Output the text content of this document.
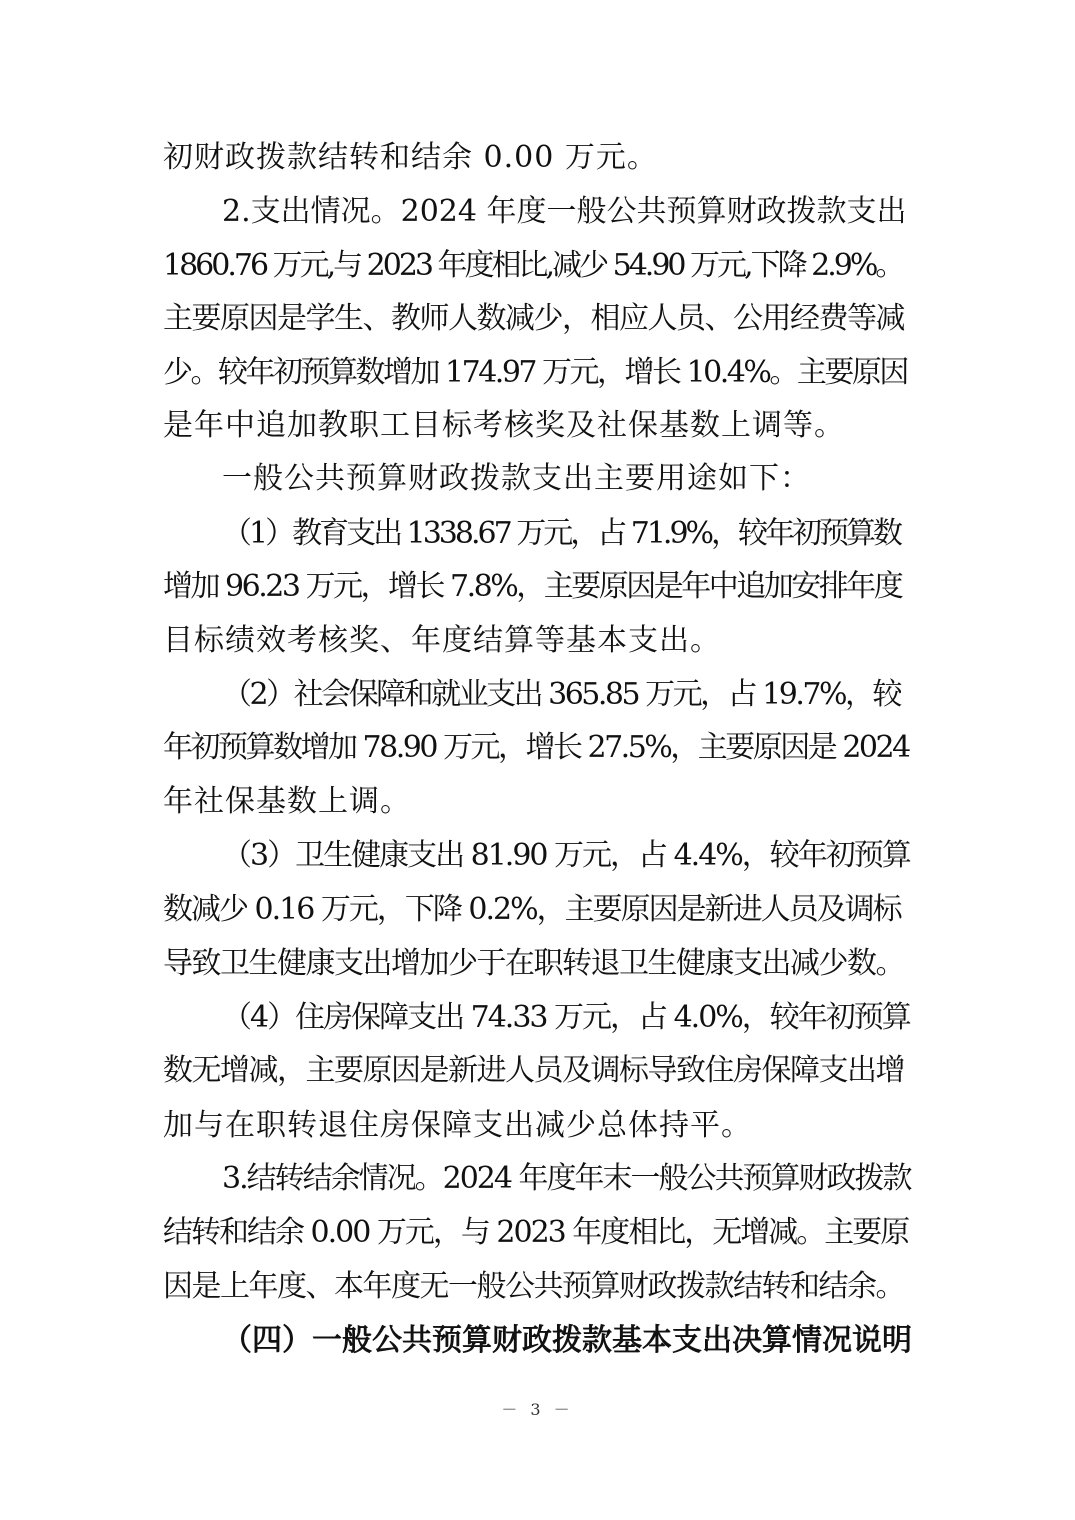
初财政拨款结转和结余 0.00 万元。
2.支出情况。2024 年度一般公共预算财政拨款支出
1860.76 万元,与 2023 年度相比,减少 54.90 万元,下降 2.9%。
主要原因是学生、教师人数减少，相应人员、公用经费等减
少。较年初预算数增加 174.97 万元，增长 10.4%。主要原因
是年中追加教职工目标考核奖及社保基数上调等。
一般公共预算财政拨款支出主要用途如下：
（1）教育支出 1338.67 万元，占 71.9%，较年初预算数
增加 96.23 万元，增长 7.8%，主要原因是年中追加安排年度
目标绩效考核奖、年度结算等基本支出。
（2）社会保障和就业支出 365.85 万元，占 19.7%，较
年初预算数增加 78.90 万元，增长 27.5%，主要原因是 2024
年社保基数上调。
（3）卫生健康支出 81.90 万元，占 4.4%，较年初预算
数减少 0.16 万元，下降 0.2%，主要原因是新进人员及调标
导致卫生健康支出增加少于在职转退卫生健康支出减少数。
（4）住房保障支出 74.33 万元，占 4.0%，较年初预算
数无增减，主要原因是新进人员及调标导致住房保障支出增
加与在职转退住房保障支出减少总体持平。
3.结转结余情况。2024 年度年末一般公共预算财政拨款
结转和结余 0.00 万元，与 2023 年度相比，无增减。主要原
因是上年度、本年度无一般公共预算财政拨款结转和结余。
（四）一般公共预算财政拨款基本支出决算情况说明
－ 3 －
